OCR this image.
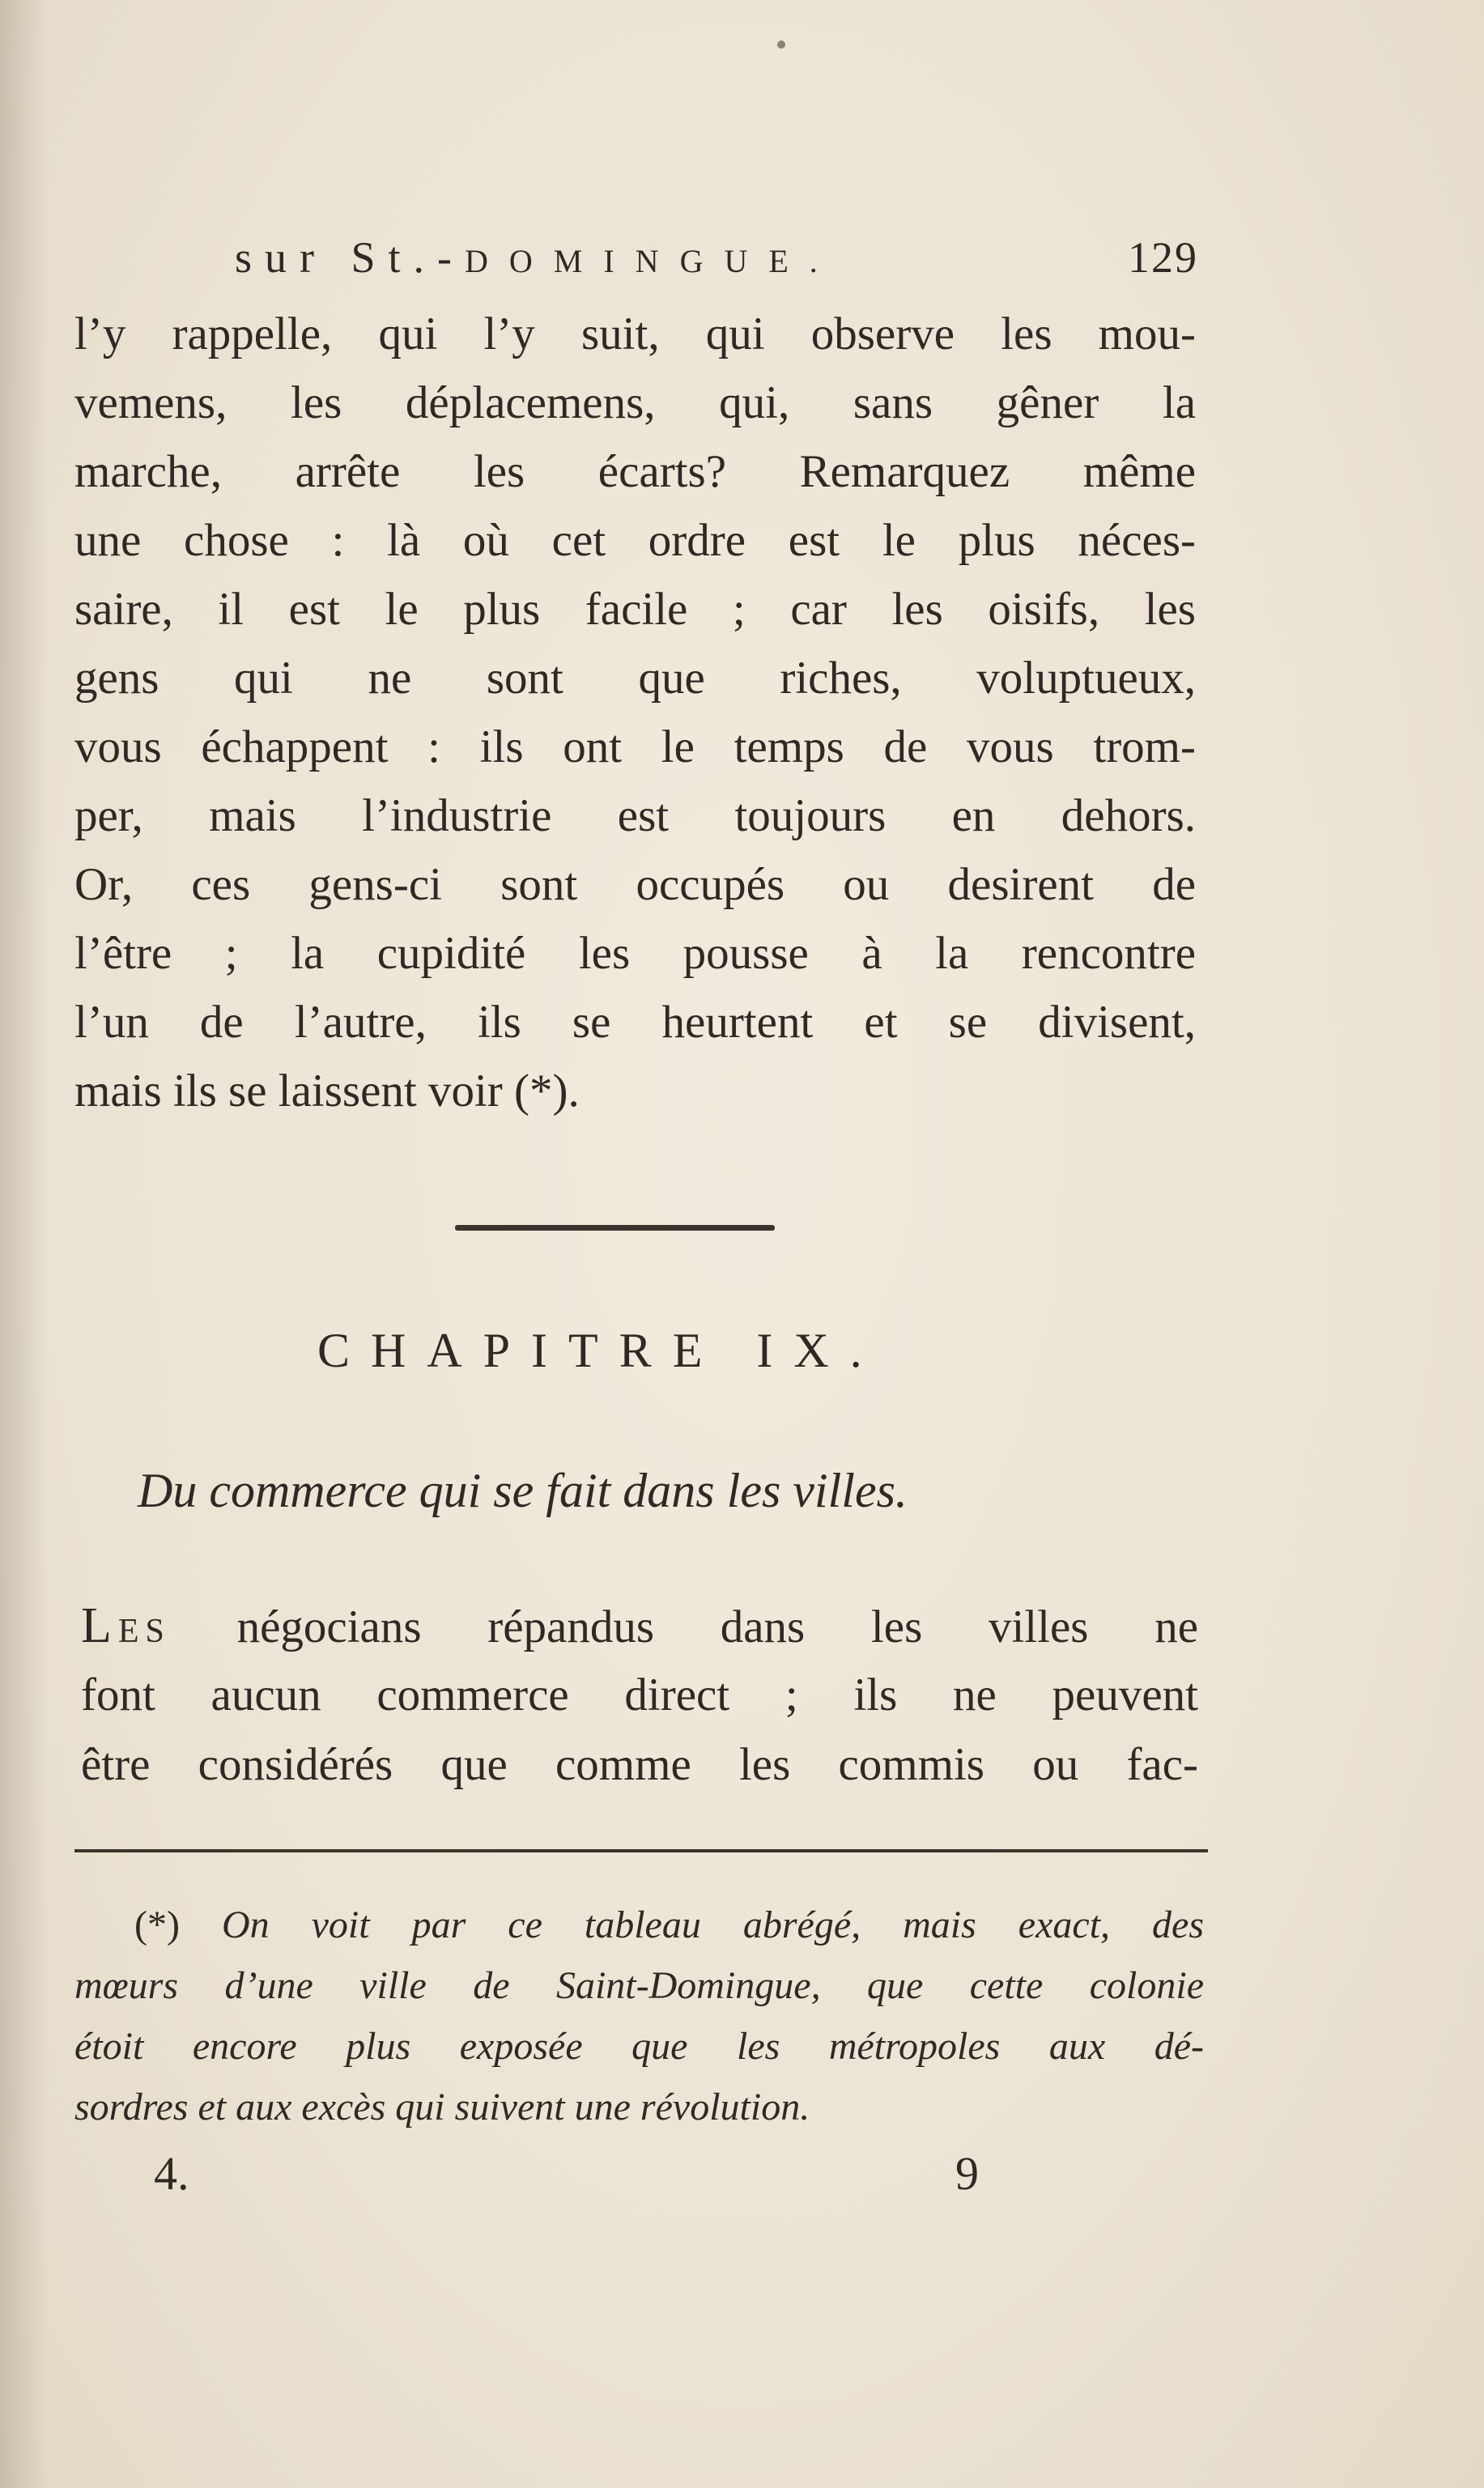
sur St.-DOMINGUE.	129
l’y rappelle, qui l’y suit, qui observe les mou-
vemens, les déplacemens, qui, sans gêner la
marche, arrête les écarts? Remarquez même
une chose : là où cet ordre est le plus néces-
saire, il est le plus facile ; car les oisifs, les
gens qui ne sont que riches, voluptueux,
vous échappent : ils ont le temps de vous trom-
per, mais l’industrie est toujours en dehors.
Or, ces gens-ci sont occupés ou desirent de
l’être ; la cupidité les pousse à la rencontre
l’un de l’autre, ils se heurtent et se divisent,
mais ils se laissent voir (*).
CHAPITRE IX.
Du commerce qui se fait dans les villes.
LES négocians répandus dans les villes ne
font aucun commerce direct ; ils ne peuvent
être considérés que comme les commis ou fac-
(*) On voit par ce tableau abrégé, mais exact, des
mœurs d’une ville de Saint-Domingue, que cette colonie
étoit encore plus exposée que les métropoles aux dé-
sordres et aux excès qui suivent une révolution.
4.	9
